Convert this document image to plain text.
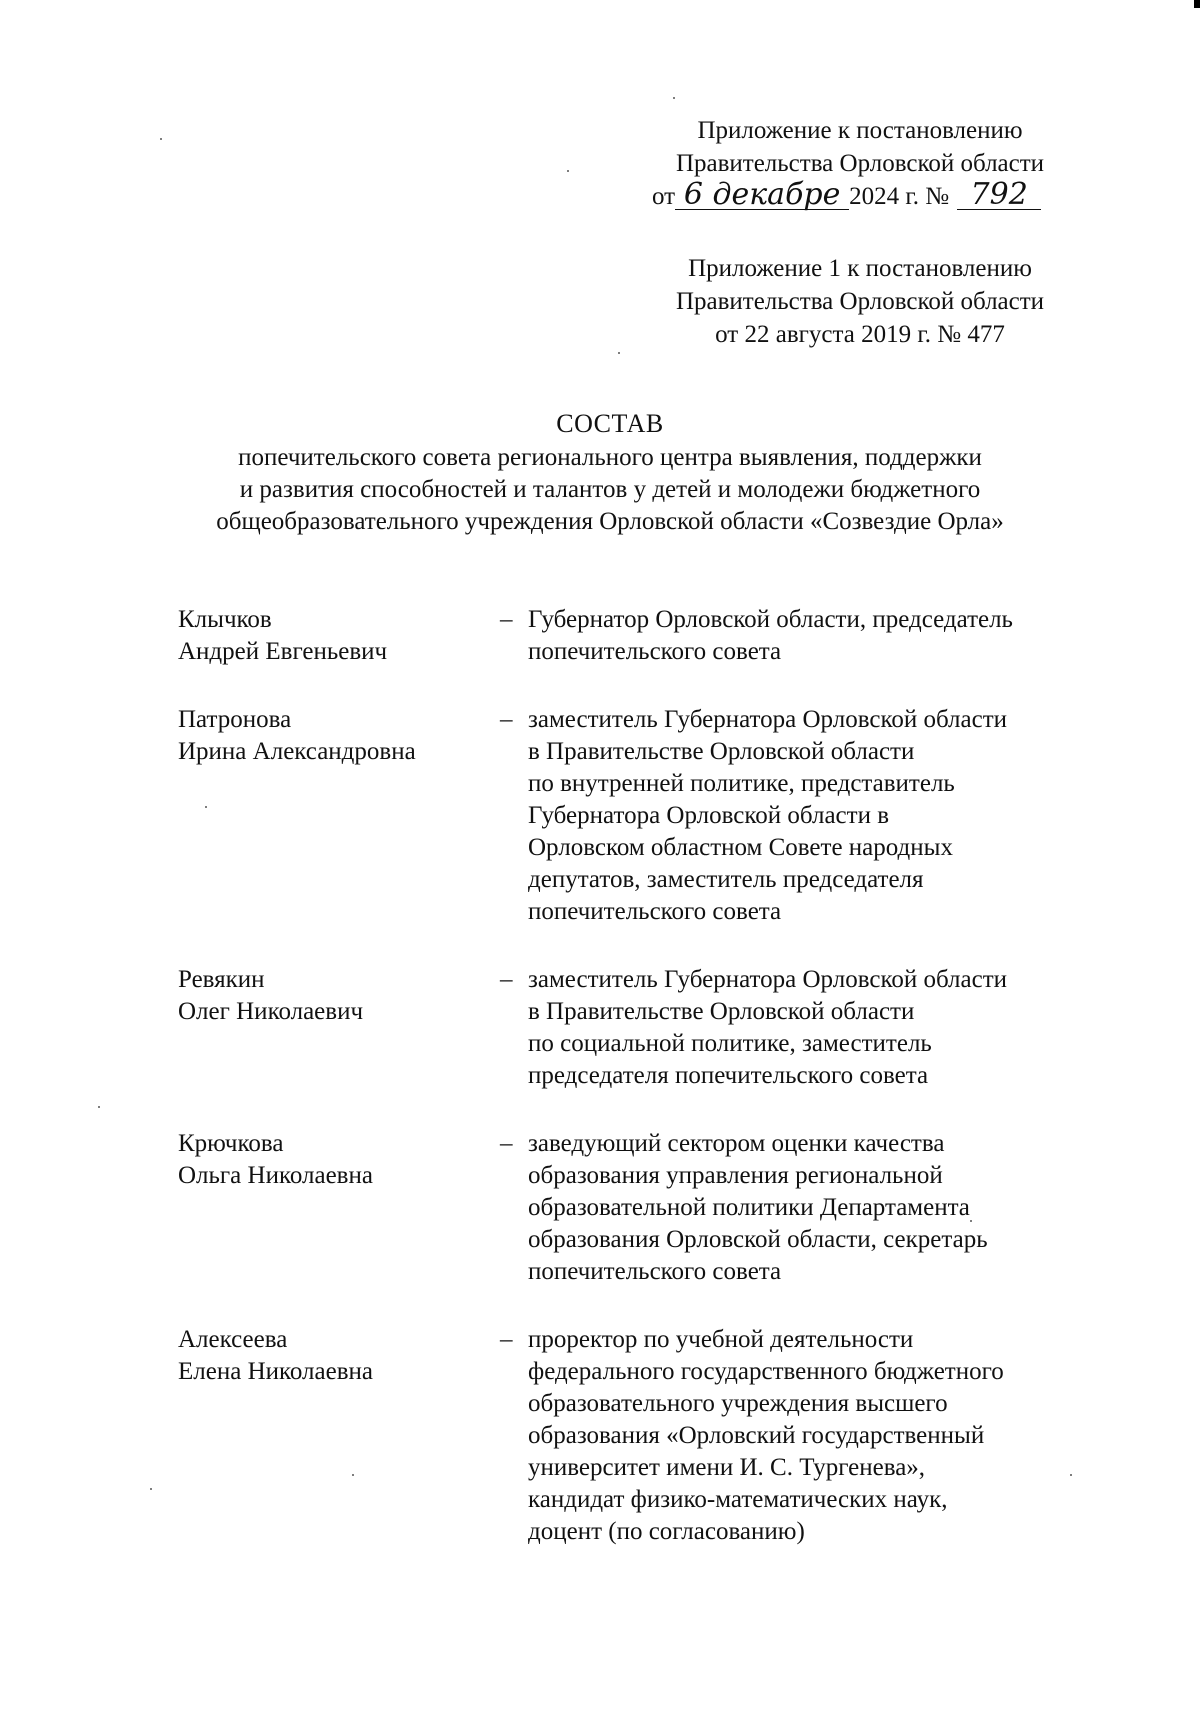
Приложение к постановлению
Правительства Орловской области
от 6 декабре 2024 г. № 792
Приложение 1 к постановлению
Правительства Орловской области
от 22 августа 2019 г. № 477
СОСТАВ
попечительского совета регионального центра выявления, поддержки
и развития способностей и талантов у детей и молодежи бюджетного
общеобразовательного учреждения Орловской области «Созвездие Орла»
Клычков
Андрей Евгеньевич
– Губернатор Орловской области, председатель
попечительского совета
Патронова
Ирина Александровна
– заместитель Губернатора Орловской области
в Правительстве Орловской области
по внутренней политике, представитель
Губернатора Орловской области в
Орловском областном Совете народных
депутатов, заместитель председателя
попечительского совета
Ревякин
Олег Николаевич
– заместитель Губернатора Орловской области
в Правительстве Орловской области
по социальной политике, заместитель
председателя попечительского совета
Крючкова
Ольга Николаевна
– заведующий сектором оценки качества
образования управления региональной
образовательной политики Департамента
образования Орловской области, секретарь
попечительского совета
Алексеева
Елена Николаевна
– проректор по учебной деятельности
федерального государственного бюджетного
образовательного учреждения высшего
образования «Орловский государственный
университет имени И. С. Тургенева»,
кандидат физико-математических наук,
доцент (по согласованию)
